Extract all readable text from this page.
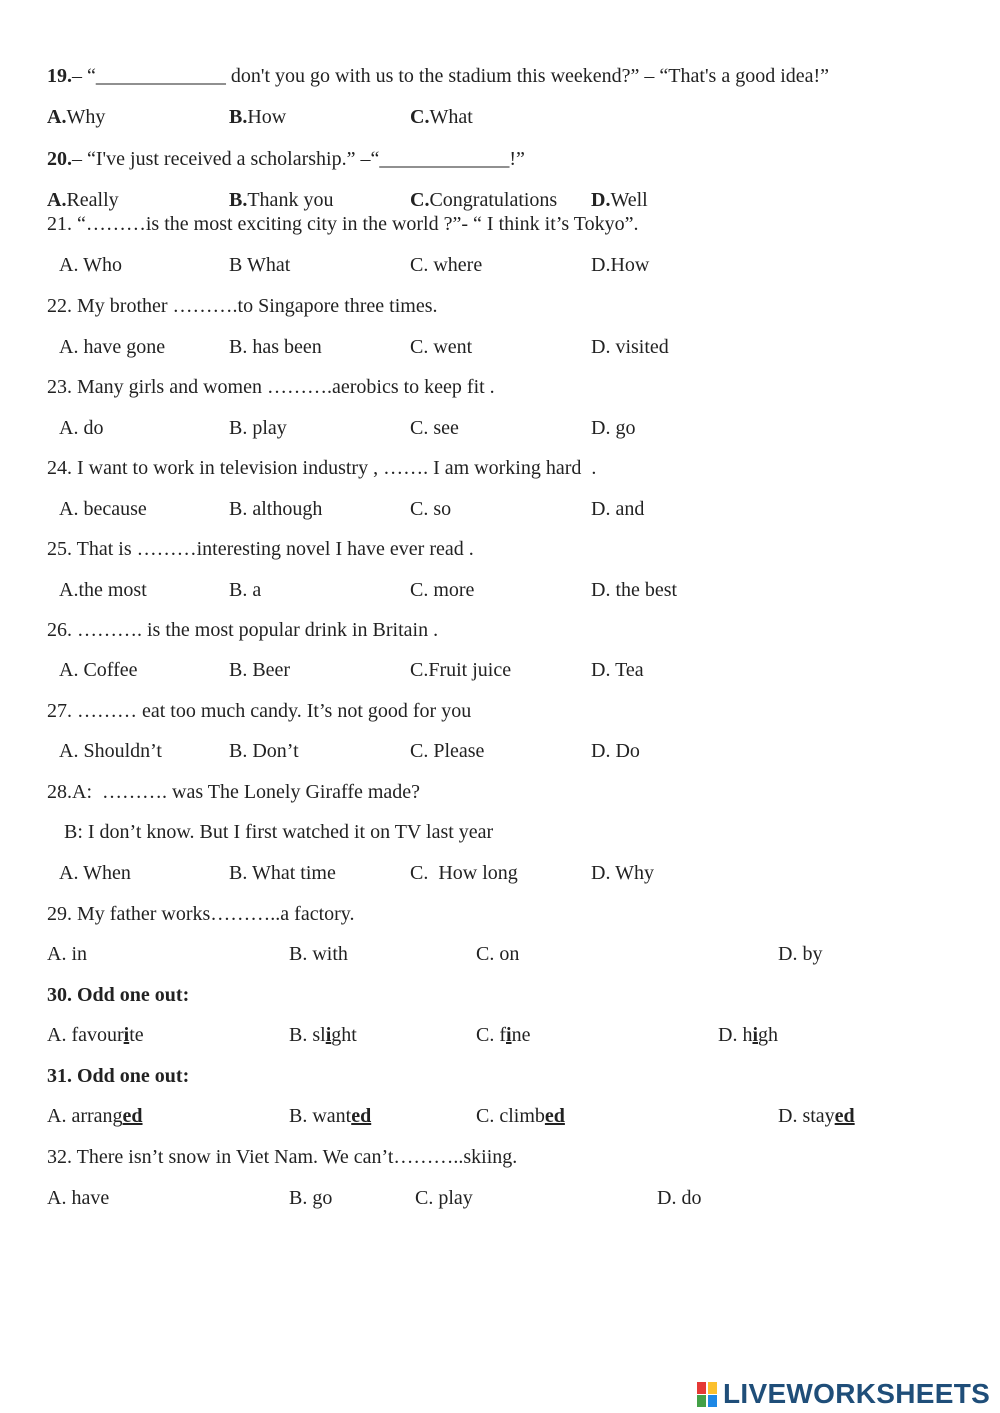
19.– “_____________ don't you go with us to the stadium this weekend?” – “That's a good idea!”
A.Why	B.How	C.What
20.– “I've just received a scholarship.” –“_____________!”
A.Really	B.Thank you	C.Congratulations D.Well
21. “………is the most exciting city in the world ?”- “ I think it’s Tokyo”.
A. Who	B What	C. where	D.How
22. My brother ……….to Singapore three times.
A. have gone	B. has been	C. went	D. visited
23. Many girls and women ……….aerobics to keep fit .
A. do	B. play	C. see	D. go
24. I want to work in television industry , ……. I am working hard  .
A. because	B. although	C. so	D. and
25. That is ………interesting novel I have ever read .
A.the most	B. a	C. more	D. the best
26. ………. is the most popular drink in Britain .
A. Coffee	B. Beer	C.Fruit juice	D. Tea
27. ……… eat too much candy. It’s not good for you
A. Shouldn’t	B. Don’t	C. Please	D. Do
28.A:  ………. was The Lonely Giraffe made?
B: I don’t know. But I first watched it on TV last year
A. When	B. What time	C.  How long	D. Why
29. My father works………..a factory.
A. in	B. with	C. on	D. by
30. Odd one out:
A. favourite	B. slight	C. fine	D. high
31. Odd one out:
A. arranged	B. wanted	C. climbed	D. stayed
32. There isn’t snow in Viet Nam. We can’t………..skiing.
A. have	B. go	C. play	D. do
LIVEWORKSHEETS
